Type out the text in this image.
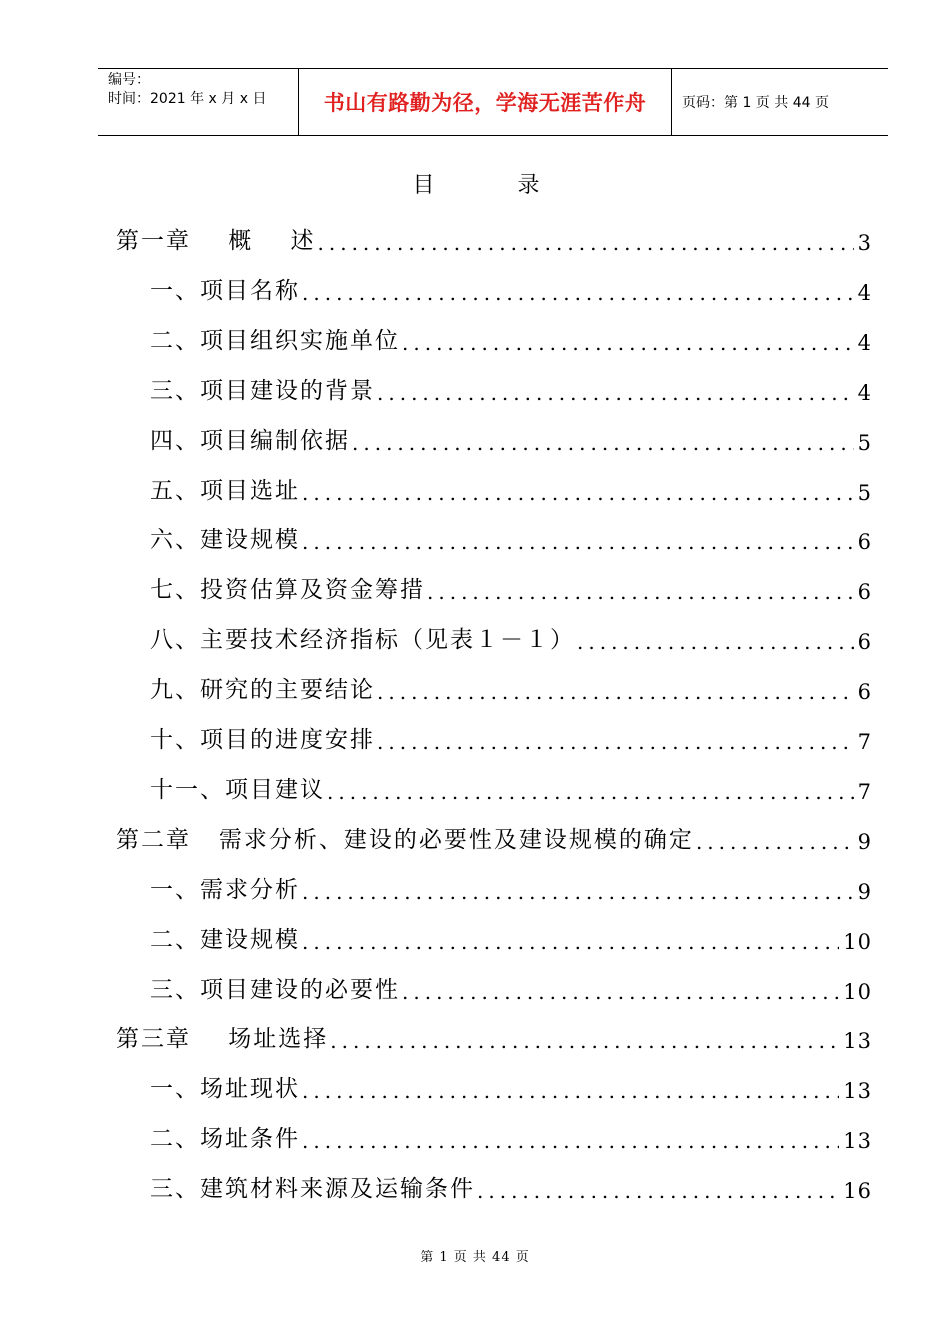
编号：
时间：2021 年 x 月 x 日	书山有路勤为径，学海无涯苦作舟	页码：第 1 页 共 44 页
目 录
第一章    概    述 .....	3
一、项目名称 .....	4
二、项目组织实施单位 .....	4
三、项目建设的背景 .....	4
四、项目编制依据 .....	5
五、项目选址 .....	5
六、建设规模 .....	6
七、投资估算及资金筹措 .....	6
八、主要技术经济指标（见表１－１） .....	6
九、研究的主要结论 .....	6
十、项目的进度安排 .....	7
十一、项目建议 .....	7
第二章   需求分析、建设的必要性及建设规模的确定 .....	9
一、需求分析 .....	9
二、建设规模 .....	10
三、项目建设的必要性 .....	10
第三章    场址选择 .....	13
一、场址现状 .....	13
二、场址条件 .....	13
三、建筑材料来源及运输条件 .....	16
第 1 页 共 44 页
